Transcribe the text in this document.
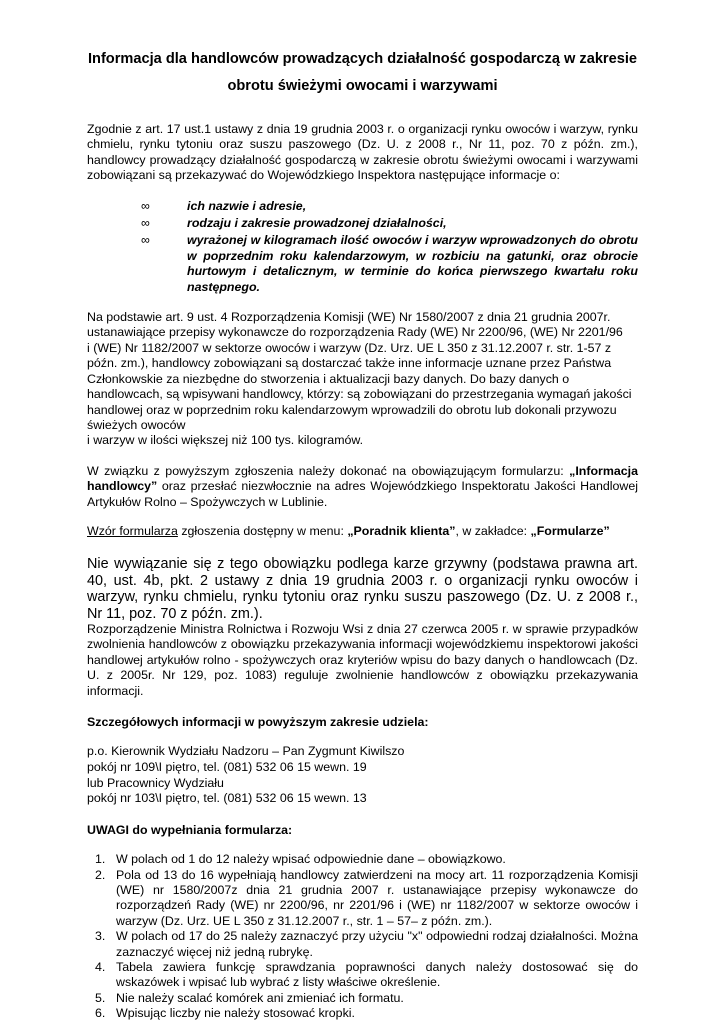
Informacja dla handlowców prowadzących działalność gospodarczą w zakresie
obrotu świeżymi owocami i warzywami

Zgodnie z art. 17 ust.1 ustawy z dnia 19 grudnia 2003 r. o organizacji rynku owoców i warzyw, rynku chmielu, rynku tytoniu oraz suszu paszowego (Dz. U. z 2008 r., Nr 11, poz. 70 z późn. zm.), handlowcy prowadzący działalność gospodarczą w zakresie obrotu świeżymi owocami i warzywami zobowiązani są przekazywać do Wojewódzkiego Inspektora następujące informacje o:

∞	ich nazwie i adresie,
∞	rodzaju i zakresie prowadzonej działalności,
∞	wyrażonej w kilogramach ilość owoców i warzyw wprowadzonych do obrotu w poprzednim roku kalendarzowym, w rozbiciu na gatunki, oraz obrocie hurtowym i detalicznym, w terminie do końca pierwszego kwartału roku następnego.

Na podstawie art. 9 ust. 4 Rozporządzenia Komisji (WE) Nr 1580/2007 z dnia 21 grudnia 2007r.
ustanawiające przepisy wykonawcze do rozporządzenia Rady (WE) Nr 2200/96, (WE) Nr 2201/96
i (WE) Nr 1182/2007 w sektorze owoców i warzyw (Dz. Urz. UE L 350 z 31.12.2007 r. str. 1-57 z późn. zm.), handlowcy zobowiązani są dostarczać także inne informacje uznane przez Państwa Członkowskie za niezbędne do stworzenia i aktualizacji bazy danych. Do bazy danych o handlowcach, są wpisywani handlowcy, którzy: są zobowiązani do przestrzegania wymagań jakości handlowej oraz w poprzednim roku kalendarzowym wprowadzili do obrotu lub dokonali przywozu świeżych owoców
i warzyw w ilości większej niż 100 tys. kilogramów.

W związku z powyższym zgłoszenia należy dokonać na obowiązującym formularzu: „Informacja handlowcy” oraz przesłać niezwłocznie na adres Wojewódzkiego Inspektoratu Jakości Handlowej Artykułów Rolno – Spożywczych w Lublinie.

Wzór formularza zgłoszenia dostępny w menu: „Poradnik klienta”, w zakładce: „Formularze”

Nie wywiązanie się z tego obowiązku podlega karze grzywny (podstawa prawna art. 40, ust. 4b, pkt. 2 ustawy z dnia 19 grudnia 2003 r. o organizacji rynku owoców i warzyw, rynku chmielu, rynku tytoniu oraz rynku suszu paszowego (Dz. U. z 2008 r., Nr 11, poz. 70 z późn. zm.).

Rozporządzenie Ministra Rolnictwa i Rozwoju Wsi z dnia 27 czerwca 2005 r. w sprawie przypadków zwolnienia handlowców z obowiązku przekazywania informacji wojewódzkiemu inspektorowi jakości handlowej artykułów rolno - spożywczych oraz kryteriów wpisu do bazy danych o handlowcach (Dz. U. z 2005r. Nr 129, poz. 1083) reguluje zwolnienie handlowców z obowiązku przekazywania informacji.

Szczegółowych informacji w powyższym zakresie udziela:

p.o. Kierownik Wydziału Nadzoru – Pan Zygmunt Kiwilszo
pokój nr 109\I piętro, tel. (081) 532 06 15 wewn. 19
lub Pracownicy Wydziału
pokój nr 103\I piętro, tel. (081) 532 06 15 wewn. 13

UWAGI do wypełniania formularza:

1. W polach od 1 do 12 należy wpisać odpowiednie dane – obowiązkowo.
2. Pola od 13 do 16 wypełniają handlowcy zatwierdzeni na mocy art. 11 rozporządzenia Komisji (WE) nr 1580/2007z dnia 21 grudnia 2007 r. ustanawiające przepisy wykonawcze do rozporządzeń Rady (WE) nr 2200/96, nr 2201/96 i (WE) nr 1182/2007 w sektorze owoców i warzyw (Dz. Urz. UE L 350 z 31.12.2007 r., str. 1 – 57– z późn. zm.).
3. W polach od 17 do 25 należy zaznaczyć przy użyciu "x" odpowiedni rodzaj działalności. Można zaznaczyć więcej niż jedną rubrykę.
4. Tabela zawiera funkcję sprawdzania poprawności danych należy dostosować się do wskazówek i wpisać lub wybrać z listy właściwe określenie.
5. Nie należy scalać komórek ani zmieniać ich formatu.
6. Wpisując liczby nie należy stosować kropki.
